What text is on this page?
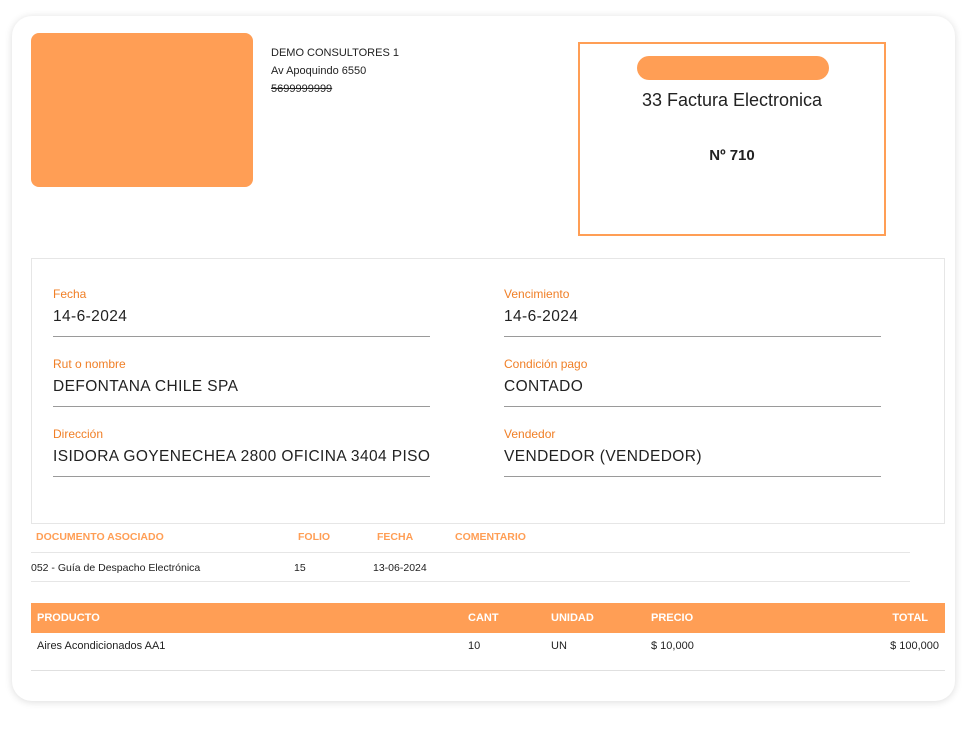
DEMO CONSULTORES 1
Av Apoquindo 6550
5699999999
33 Factura Electronica
Nº 710
Fecha
14-6-2024
Vencimiento
14-6-2024
Rut o nombre
DEFONTANA CHILE SPA
Condición pago
CONTADO
Dirección
ISIDORA GOYENECHEA 2800 OFICINA 3404 PISO
Vendedor
VENDEDOR (VENDEDOR)
DOCUMENTO ASOCIADO	FOLIO	FECHA	COMENTARIO
052 - Guía de Despacho Electrónica	15	13-06-2024
PRODUCTO	CANT	UNIDAD	PRECIO	TOTAL
Aires Acondicionados AA1	10	UN	$ 10,000	$ 100,000
